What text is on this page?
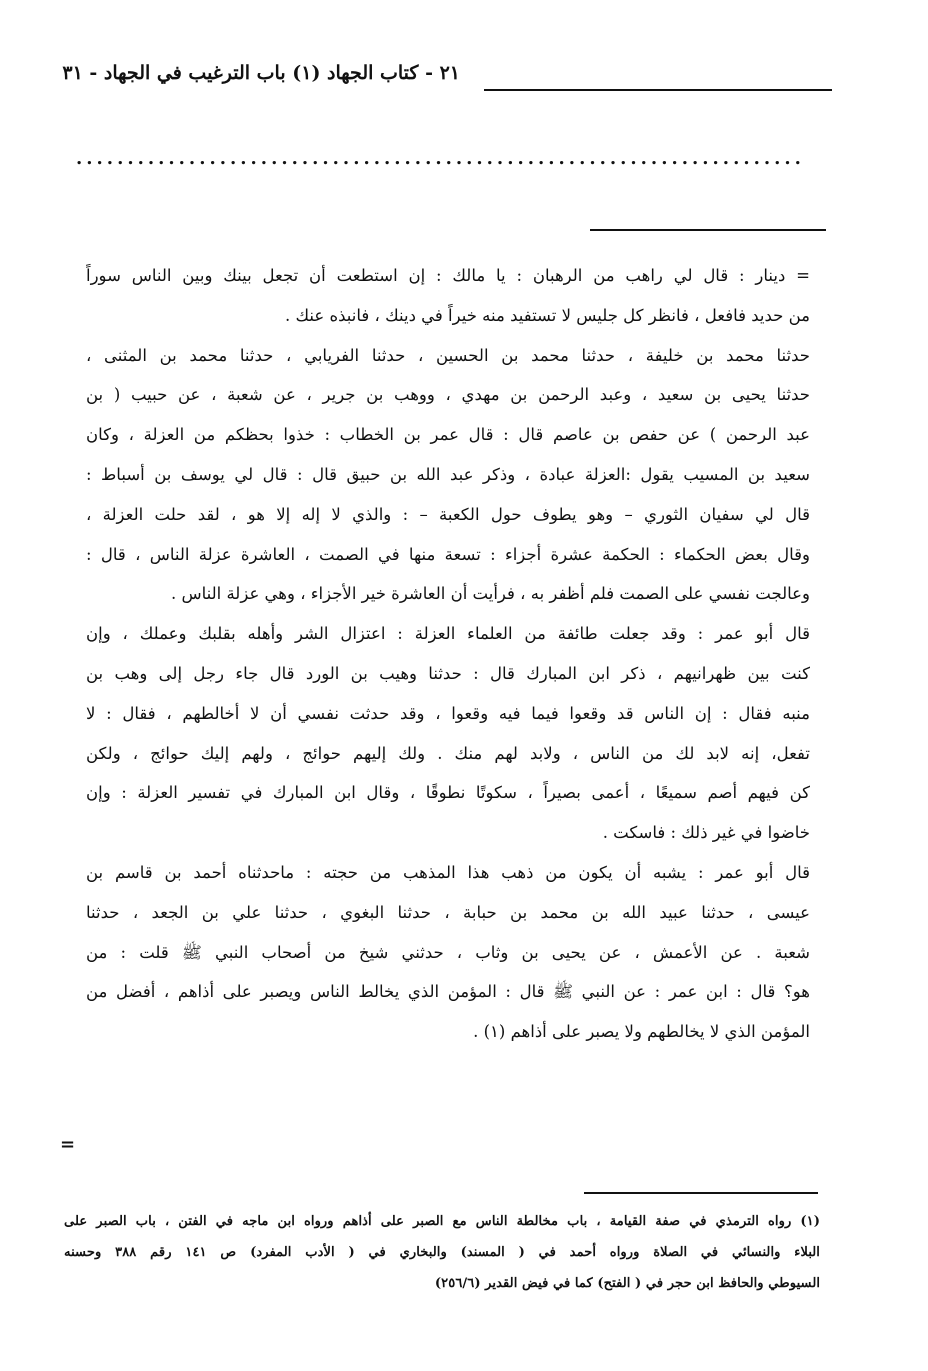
٢١ - كتاب الجهاد (١) باب الترغيب في الجهاد - ٣١
.......................................................................
= دينار : قال لي راهب من الرهبان : يا مالك : إن استطعت أن تجعل بينك وبين الناس سوراً
من حديد فافعل ، فانظر كل جليس لا تستفيد منه خيراً في دينك ، فانبذه عنك .
حدثنا محمد بن خليفة ، حدثنا محمد بن الحسين ، حدثنا الفريابي ، حدثنا محمد بن المثنى ،
حدثنا يحيى بن سعيد ، وعبد الرحمن بن مهدي ، ووهب بن جرير ، عن شعبة ، عن حبيب ( بن
عبد الرحمن ) عن حفص بن عاصم قال : قال عمر بن الخطاب : خذوا بحظكم من العزلة ، وكان
سعيد بن المسيب يقول :العزلة عبادة ، وذكر عبد الله بن حبيق قال : قال لي يوسف بن أسباط :
قال لي سفيان الثوري – وهو يطوف حول الكعبة – : والذي لا إله إلا هو ، لقد حلت العزلة ،
وقال بعض الحكماء : الحكمة عشرة أجزاء : تسعة منها في الصمت ، العاشرة عزلة الناس ، قال :
وعالجت نفسي على الصمت فلم أظفر به ، فرأيت أن العاشرة خير الأجزاء ، وهي عزلة الناس .
قال أبو عمر : وقد جعلت طائفة من العلماء العزلة : اعتزال الشر وأهله بقلبك وعملك ، وإن
كنت بين ظهرانيهم ، ذكر ابن المبارك قال : حدثنا وهيب بن الورد قال جاء رجل إلى وهب بن
منبه فقال : إن الناس قد وقعوا فيما فيه وقعوا ، وقد حدثت نفسي أن لا أخالطهم ، فقال : لا
تفعل، إنه لابد لك من الناس ، ولابد لهم منك . ولك إليهم حوائج ، ولهم إليك حوائج ، ولكن
كن فيهم أصم سميعًا ، أعمى بصيراً ، سكوتًا نطوقًا ، وقال ابن المبارك في تفسير العزلة : وإن
خاضوا في غير ذلك : فاسكت .
قال أبو عمر : يشبه أن يكون من ذهب هذا المذهب من حجته : ماحدثناه أحمد بن قاسم بن
عيسى ، حدثنا عبيد الله بن محمد بن حبابة ، حدثنا البغوي ، حدثنا علي بن الجعد ، حدثنا
شعبة . عن الأعمش ، عن يحيى بن وثاب ، حدثني شيخ من أصحاب النبي ﷺ قلت : من
هو؟ قال : ابن عمر : عن النبي ﷺ قال : المؤمن الذي يخالط الناس ويصبر على أذاهم ، أفضل من
المؤمن الذي لا يخالطهم ولا يصبر على أذاهم (١) .
=
(١) رواه الترمذي في صفة القيامة ، باب مخالطة الناس مع الصبر على أذاهم ورواه ابن ماجه في الفتن ، باب الصبر على
البلاء والنسائي في الصلاة ورواه أحمد في ( المسند) والبخاري في ( الأدب المفرد) ص ١٤١ رقم ٣٨٨ وحسنه
السيوطي والحافظ ابن حجر في ( الفتح) كما في فيض القدير (٢٥٦/٦)
